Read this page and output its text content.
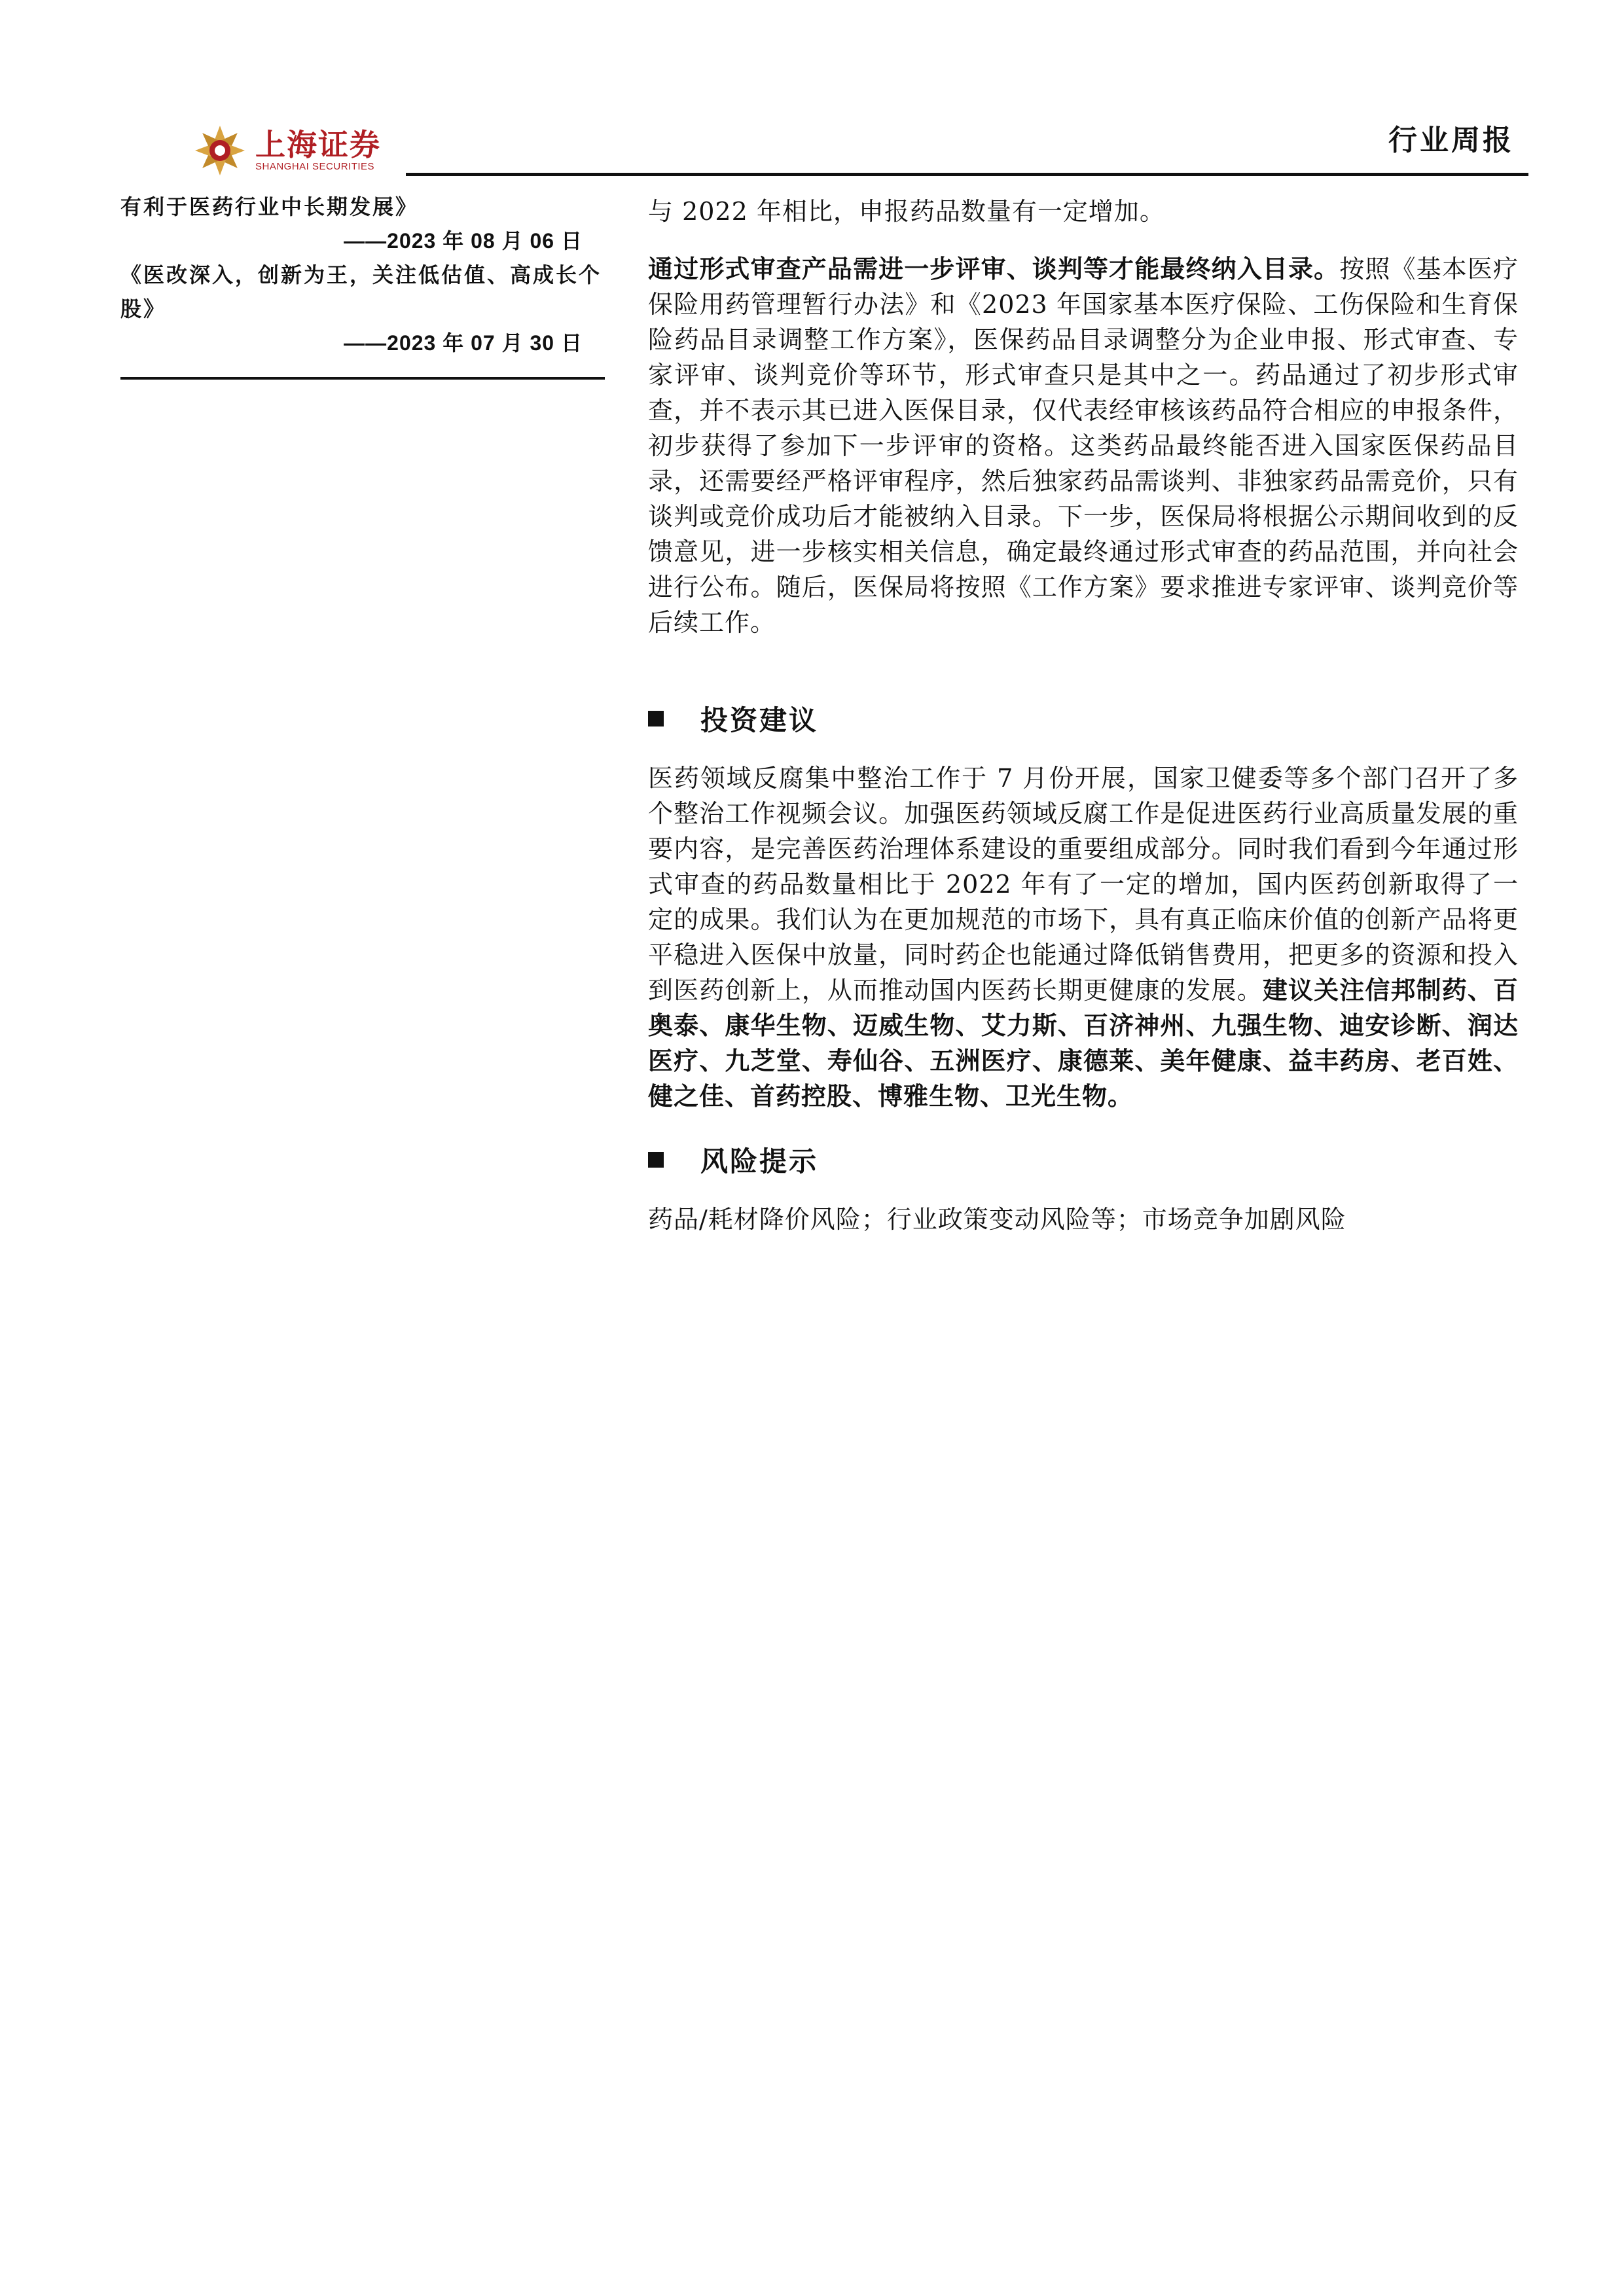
上海证券
SHANGHAI SECURITIES
行业周报
有利于医药行业中长期发展》
——2023 年 08 月 06 日
《医改深入，创新为王，关注低估值、高成长个股》
——2023 年 07 月 30 日

与 2022 年相比，申报药品数量有一定增加。

通过形式审查产品需进一步评审、谈判等才能最终纳入目录。按照《基本医疗保险用药管理暂行办法》和《2023 年国家基本医疗保险、工伤保险和生育保险药品目录调整工作方案》，医保药品目录调整分为企业申报、形式审查、专家评审、谈判竞价等环节，形式审查只是其中之一。药品通过了初步形式审查，并不表示其已进入医保目录，仅代表经审核该药品符合相应的申报条件，初步获得了参加下一步评审的资格。这类药品最终能否进入国家医保药品目录，还需要经严格评审程序，然后独家药品需谈判、非独家药品需竞价，只有谈判或竞价成功后才能被纳入目录。下一步，医保局将根据公示期间收到的反馈意见，进一步核实相关信息，确定最终通过形式审查的药品范围，并向社会进行公布。随后，医保局将按照《工作方案》要求推进专家评审、谈判竞价等后续工作。

投资建议

医药领域反腐集中整治工作于 7 月份开展，国家卫健委等多个部门召开了多个整治工作视频会议。加强医药领域反腐工作是促进医药行业高质量发展的重要内容，是完善医药治理体系建设的重要组成部分。同时我们看到今年通过形式审查的药品数量相比于 2022 年有了一定的增加，国内医药创新取得了一定的成果。我们认为在更加规范的市场下，具有真正临床价值的创新产品将更平稳进入医保中放量，同时药企也能通过降低销售费用，把更多的资源和投入到医药创新上，从而推动国内医药长期更健康的发展。建议关注信邦制药、百奥泰、康华生物、迈威生物、艾力斯、百济神州、九强生物、迪安诊断、润达医疗、九芝堂、寿仙谷、五洲医疗、康德莱、美年健康、益丰药房、老百姓、健之佳、首药控股、博雅生物、卫光生物。

风险提示

药品/耗材降价风险；行业政策变动风险等；市场竞争加剧风险
